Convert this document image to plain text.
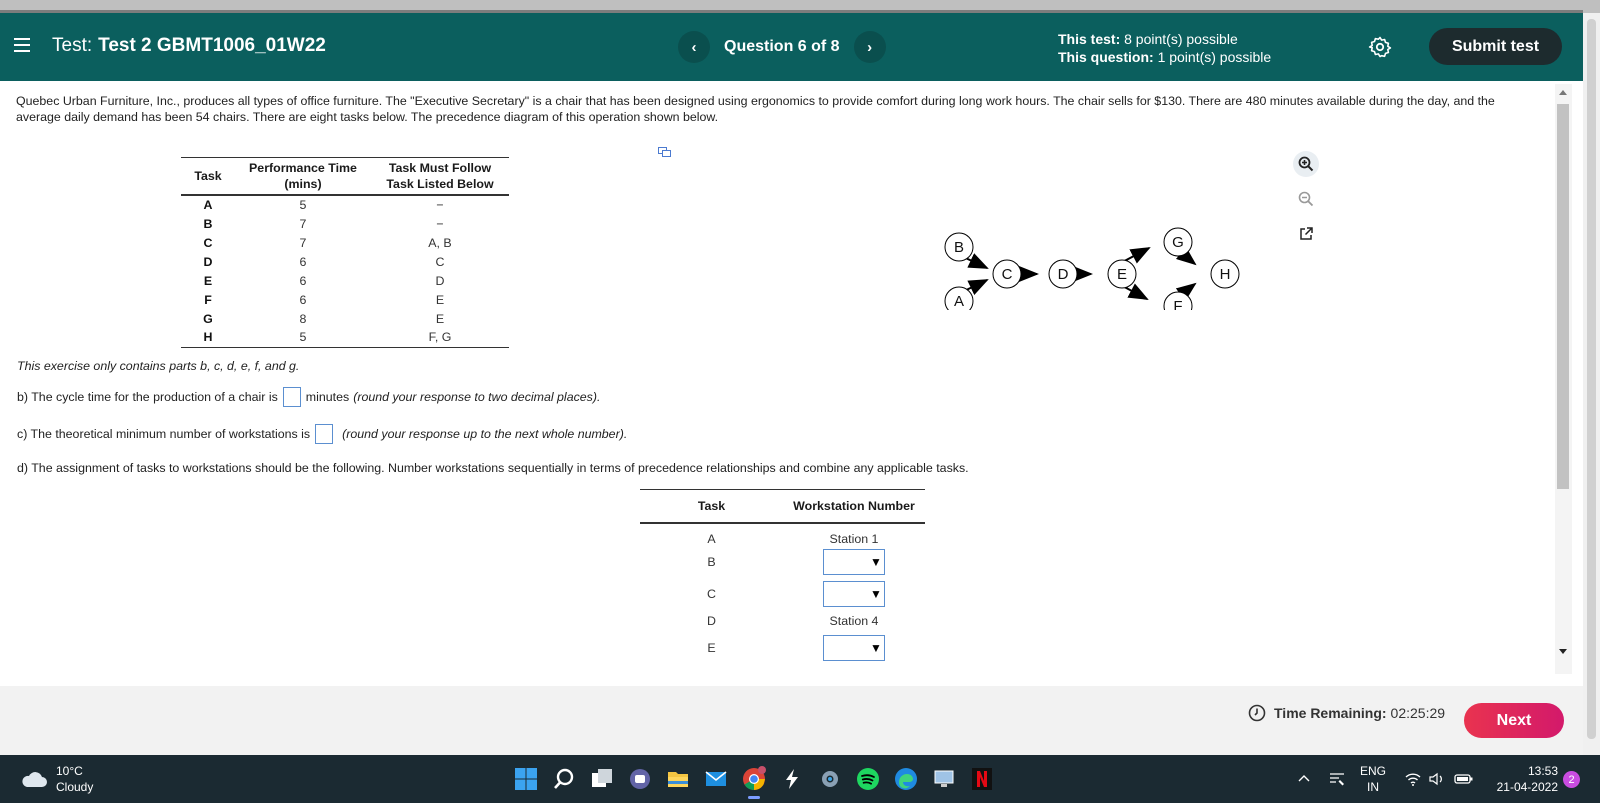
Test: Test 2 GBMT1006_01W22	‹	Question 6 of 8	›	This test: 8 point(s) possible
This question: 1 point(s) possible
Submit test
Quebec Urban Furniture, Inc., produces all types of office furniture. The "Executive Secretary" is a chair that has been designed using ergonomics to provide comfort during long work hours. The chair sells for $130. There are 480 minutes available during the day, and the average daily demand has been 54 chairs. There are eight tasks below. The precedence diagram of this operation shown below.
Task	Performance Time (mins)	Task Must Follow Task Listed Below
A	5	−
B	7	−
C	7	A, B
D	6	C
E	6	D
F	6	E
G	8	E
H	5	F, G
B
A
C	D	E
G
F
H
This exercise only contains parts b, c, d, e, f, and g.
b) The cycle time for the production of a chair is minutes (round your response to two decimal places).
c) The theoretical minimum number of workstations is	(round your response up to the next whole number).
d) The assignment of tasks to workstations should be the following. Number workstations sequentially in terms of precedence relationships and combine any applicable tasks.
Task	Workstation Number
A	Station 1
B	▼

C	▼

D	Station 4
E	▼
Time Remaining: 02:25:29	Next
10°C
Cloudy
ENG
IN
13:53
21-04-2022
2
